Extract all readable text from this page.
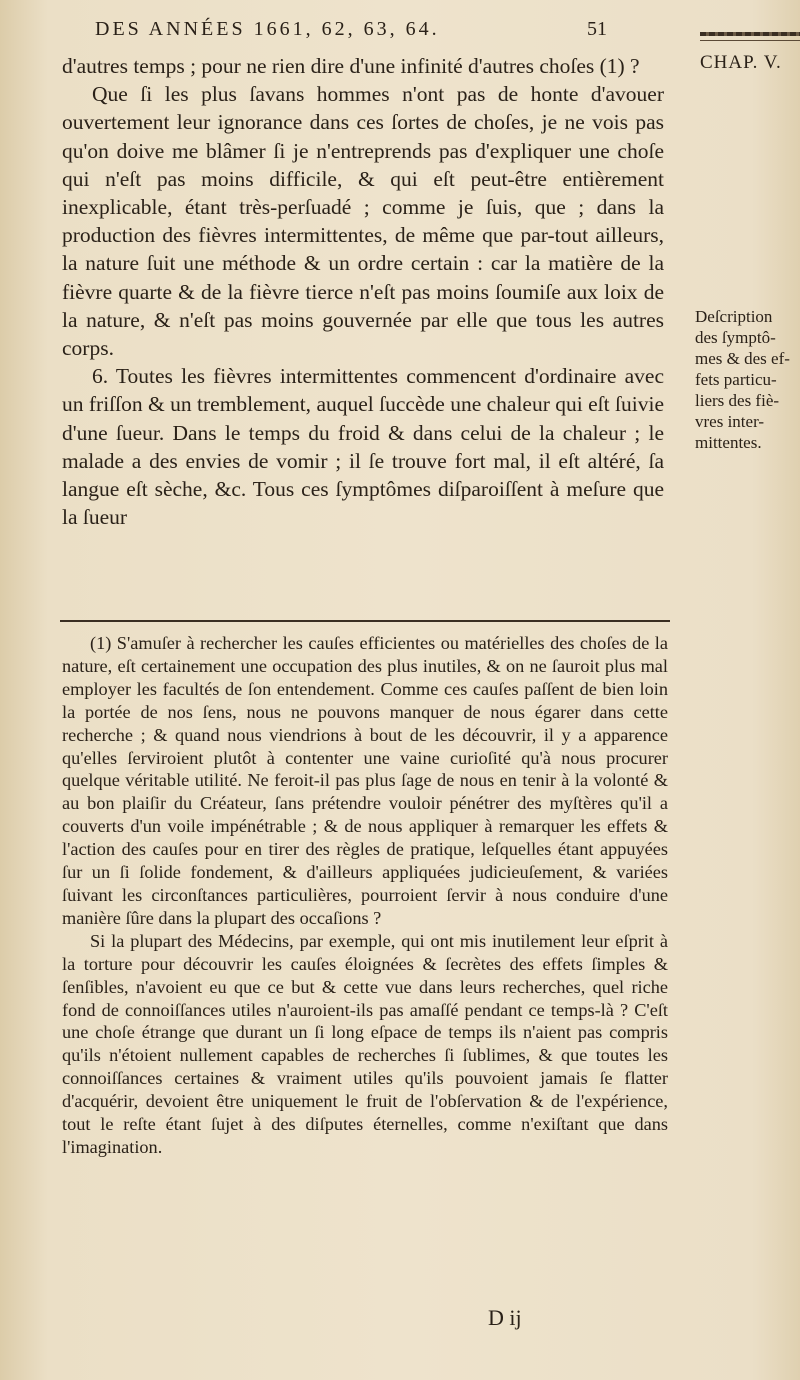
DES ANNÉES 1661, 62, 63, 64.	51
CHAP. V.
Deſcription
des ſymptô-
mes & des ef-
fets particu-
liers des fiè-
vres inter-
mittentes.

d'autres temps ; pour ne rien dire d'une infinité d'autres choſes (1) ?

Que ſi les plus ſavans hommes n'ont pas de honte d'avouer ouvertement leur ignorance dans ces ſortes de choſes, je ne vois pas qu'on doive me blâmer ſi je n'entreprends pas d'expliquer une choſe qui n'eſt pas moins difficile, & qui eſt peut-être entièrement inexplicable, étant très-perſuadé ; comme je ſuis, que ; dans la production des fièvres intermittentes, de même que par-tout ailleurs, la nature ſuit une méthode & un ordre certain : car la matière de la fièvre quarte & de la fièvre tierce n'eſt pas moins ſoumiſe aux loix de la nature, & n'eſt pas moins gouvernée par elle que tous les autres corps.

6. Toutes les fièvres intermittentes commencent d'ordinaire avec un friſſon & un tremblement, auquel ſuccède une chaleur qui eſt ſuivie d'une ſueur. Dans le temps du froid & dans celui de la chaleur ; le malade a des envies de vomir ; il ſe trouve fort mal, il eſt altéré, ſa langue eſt sèche, &c. Tous ces ſymptômes diſparoiſſent à meſure que la ſueur

(1) S'amuſer à rechercher les cauſes efficientes ou matérielles des choſes de la nature, eſt certainement une occupation des plus inutiles, & on ne ſauroit plus mal employer les facultés de ſon entendement. Comme ces cauſes paſſent de bien loin la portée de nos ſens, nous ne pouvons manquer de nous égarer dans cette recherche ; & quand nous viendrions à bout de les découvrir, il y a apparence qu'elles ſerviroient plutôt à contenter une vaine curioſité qu'à nous procurer quelque véritable utilité. Ne feroit-il pas plus ſage de nous en tenir à la volonté & au bon plaiſir du Créateur, ſans prétendre vouloir pénétrer des myſtères qu'il a couverts d'un voile impénétrable ; & de nous appliquer à remarquer les effets & l'action des cauſes pour en tirer des règles de pratique, leſquelles étant appuyées ſur un ſi ſolide fondement, & d'ailleurs appliquées judicieuſement, & variées ſuivant les circonſtances particulières, pourroient ſervir à nous conduire d'une manière ſûre dans la plupart des occaſions ?

Si la plupart des Médecins, par exemple, qui ont mis inutilement leur eſprit à la torture pour découvrir les cauſes éloignées & ſecrètes des effets ſimples & ſenſibles, n'avoient eu que ce but & cette vue dans leurs recherches, quel riche fond de connoiſſances utiles n'auroient-ils pas amaſſé pendant ce temps-là ? C'eſt une choſe étrange que durant un ſi long eſpace de temps ils n'aient pas compris qu'ils n'étoient nullement capables de recherches ſi ſublimes, & que toutes les connoiſſances certaines & vraiment utiles qu'ils pouvoient jamais ſe flatter d'acquérir, devoient être uniquement le fruit de l'obſervation & de l'expérience, tout le reſte étant ſujet à des diſputes éternelles, comme n'exiſtant que dans l'imagination.

D ij
